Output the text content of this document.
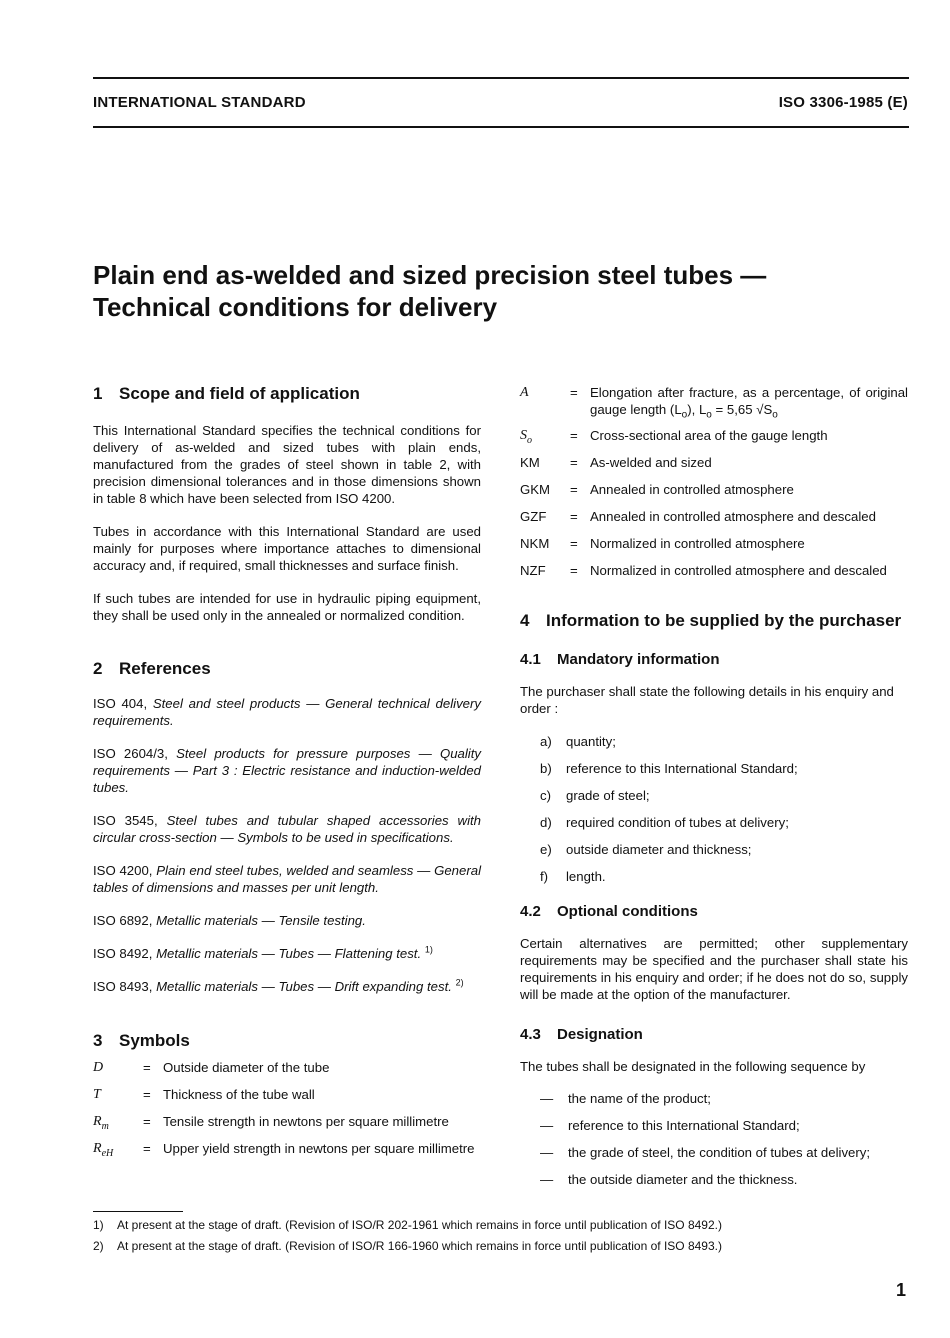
INTERNATIONAL STANDARD	ISO 3306-1985 (E)
Plain end as-welded and sized precision steel tubes —
Technical conditions for delivery
1 Scope and field of application

This International Standard specifies the technical conditions for delivery of as-welded and sized tubes with plain ends, manufactured from the grades of steel shown in table 2, with precision dimensional tolerances and in those dimensions shown in table 8 which have been selected from ISO 4200.

Tubes in accordance with this International Standard are used mainly for purposes where importance attaches to dimensional accuracy and, if required, small thicknesses and surface finish.

If such tubes are intended for use in hydraulic piping equipment, they shall be used only in the annealed or normalized condition.

2 References

ISO 404, Steel and steel products — General technical delivery requirements.

ISO 2604/3, Steel products for pressure purposes — Quality requirements — Part 3 : Electric resistance and induction-welded tubes.

ISO 3545, Steel tubes and tubular shaped accessories with circular cross-section — Symbols to be used in specifications.

ISO 4200, Plain end steel tubes, welded and seamless — General tables of dimensions and masses per unit length.

ISO 6892, Metallic materials — Tensile testing.

ISO 8492, Metallic materials — Tubes — Flattening test. $^{1)}$

ISO 8493, Metallic materials — Tubes — Drift expanding test. $^{2)}$

3 Symbols
D	= Outside diameter of the tube
T	= Thickness of the tube wall
$R_m$	= Tensile strength in newtons per square millimetre
$R_{eH}$	= Upper yield strength in newtons per square millimetre
A	= Elongation after fracture, as a percentage, of original gauge length $(L_o)$, $L_o = 5,65$ $√S_o$
$S_o$	= Cross-sectional area of the gauge length
KM	= As-welded and sized
GKM	= Annealed in controlled atmosphere
GZF	= Annealed in controlled atmosphere and descaled
NKM	= Normalized in controlled atmosphere
NZF	= Normalized in controlled atmosphere and descaled
4 Information to be supplied by the purchaser
4.1 Mandatory information

The purchaser shall state the following details in his enquiry and order :

a)	quantity;
b)	reference to this International Standard;
c)	grade of steel;
d)	required condition of tubes at delivery;
e)	outside diameter and thickness;
f)	length.
4.2 Optional conditions

Certain alternatives are permitted; other supplementary requirements may be specified and the purchaser shall state his requirements in his enquiry and order; if he does not do so, supply will be made at the option of the manufacturer.

4.3 Designation

The tubes shall be designated in the following sequence by

—	the name of the product;
—	reference to this International Standard;
—	the grade of steel, the condition of tubes at delivery;
—	the outside diameter and the thickness.
1)	At present at the stage of draft. (Revision of ISO/R 202-1961 which remains in force until publication of ISO 8492.)
2)	At present at the stage of draft. (Revision of ISO/R 166-1960 which remains in force until publication of ISO 8493.)
1
